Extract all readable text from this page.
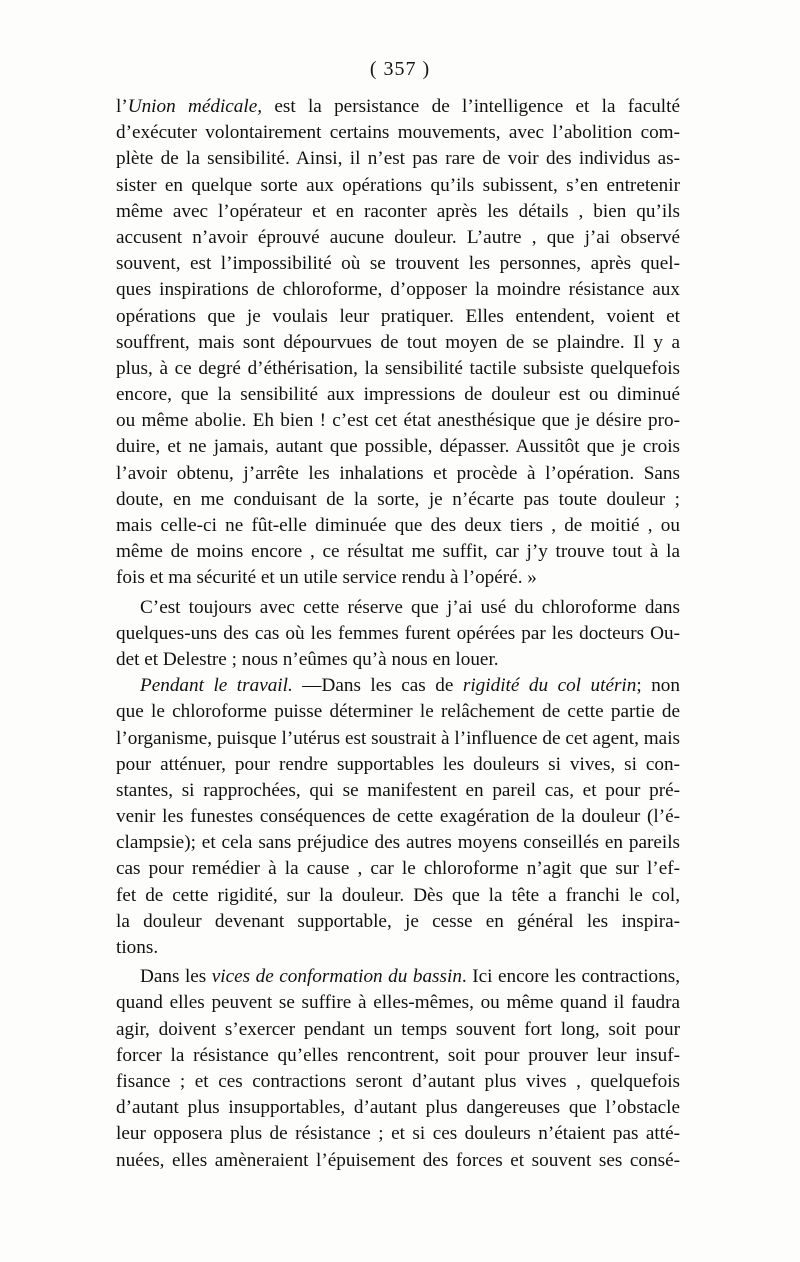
( 357 )
l’Union médicale, est la persistance de l’intelligence et la faculté
d’exécuter volontairement certains mouvements, avec l’abolition com-
plète de la sensibilité. Ainsi, il n’est pas rare de voir des individus as-
sister en quelque sorte aux opérations qu’ils subissent, s’en entretenir
même avec l’opérateur et en raconter après les détails , bien qu’ils
accusent n’avoir éprouvé aucune douleur. L’autre , que j’ai observé
souvent, est l’impossibilité où se trouvent les personnes, après quel-
ques inspirations de chloroforme, d’opposer la moindre résistance aux
opérations que je voulais leur pratiquer. Elles entendent, voient et
souffrent, mais sont dépourvues de tout moyen de se plaindre. Il y a
plus, à ce degré d’éthérisation, la sensibilité tactile subsiste quelquefois
encore, que la sensibilité aux impressions de douleur est ou diminué
ou même abolie. Eh bien ! c’est cet état anesthésique que je désire pro-
duire, et ne jamais, autant que possible, dépasser. Aussitôt que je crois
l’avoir obtenu, j’arrête les inhalations et procède à l’opération. Sans
doute, en me conduisant de la sorte, je n’écarte pas toute douleur ;
mais celle-ci ne fût-elle diminuée que des deux tiers , de moitié , ou
même de moins encore , ce résultat me suffit, car j’y trouve tout à la
fois et ma sécurité et un utile service rendu à l’opéré. »
C’est toujours avec cette réserve que j’ai usé du chloroforme dans
quelques-uns des cas où les femmes furent opérées par les docteurs Ou-
det et Delestre ; nous n’eûmes qu’à nous en louer.
Pendant le travail. —Dans les cas de rigidité du col utérin; non
que le chloroforme puisse déterminer le relâchement de cette partie de
l’organisme, puisque l’utérus est soustrait à l’influence de cet agent, mais
pour atténuer, pour rendre supportables les douleurs si vives, si con-
stantes, si rapprochées, qui se manifestent en pareil cas, et pour pré-
venir les funestes conséquences de cette exagération de la douleur (l’é-
clampsie); et cela sans préjudice des autres moyens conseillés en pareils
cas pour remédier à la cause , car le chloroforme n’agit que sur l’ef-
fet de cette rigidité, sur la douleur. Dès que la tête a franchi le col,
la douleur devenant supportable, je cesse en général les inspira-
tions.
Dans les vices de conformation du bassin. Ici encore les contractions,
quand elles peuvent se suffire à elles-mêmes, ou même quand il faudra
agir, doivent s’exercer pendant un temps souvent fort long, soit pour
forcer la résistance qu’elles rencontrent, soit pour prouver leur insuf-
fisance ; et ces contractions seront d’autant plus vives , quelquefois
d’autant plus insupportables, d’autant plus dangereuses que l’obstacle
leur opposera plus de résistance ; et si ces douleurs n’étaient pas atté-
nuées, elles amèneraient l’épuisement des forces et souvent ses consé-
